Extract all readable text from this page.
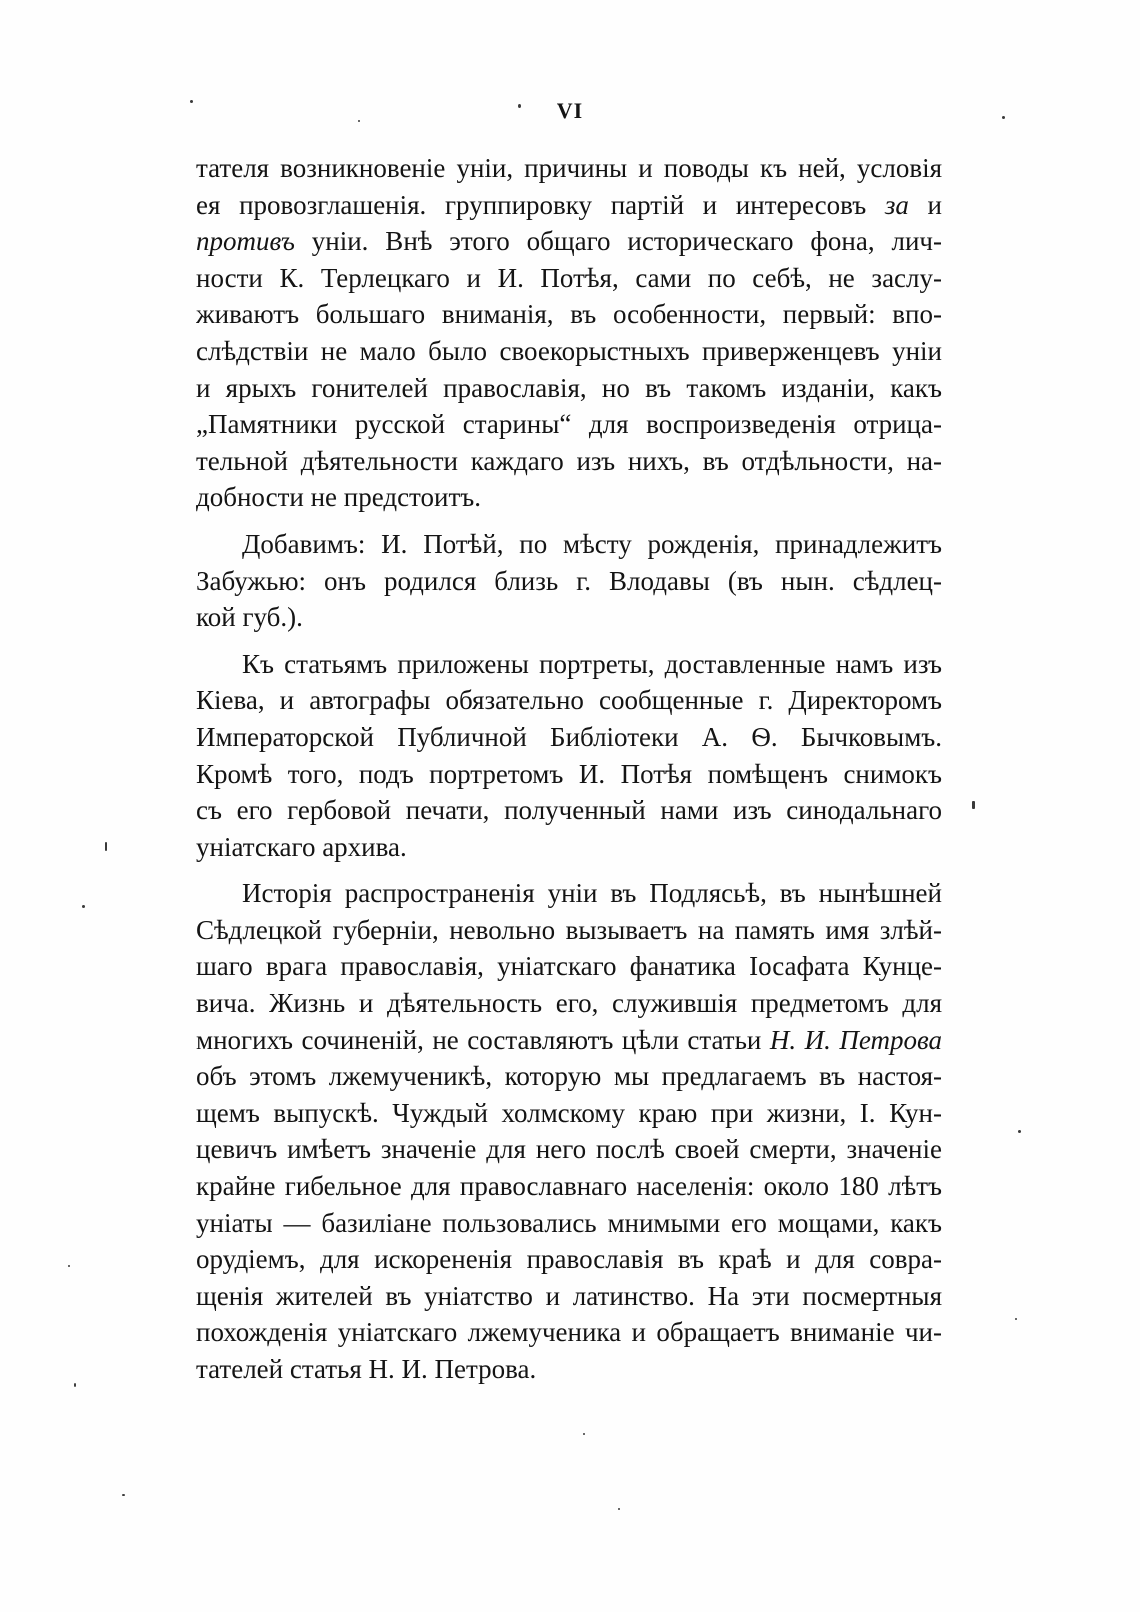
VI
тателя возникновеніе уніи, причины и поводы къ ней, условія
ея провозглашенія. группировку партій и интересовъ за и
противъ уніи. Внѣ этого общаго историческаго фона, лич-
ности К. Терлецкаго и И. Потѣя, сами по себѣ, не заслу-
живаютъ большаго вниманія, въ особенности, первый: впо-
слѣдствіи не мало было своекорыстныхъ приверженцевъ уніи
и ярыхъ гонителей православія, но въ такомъ изданіи, какъ
„Памятники русской старины“ для воспроизведенія отрица-
тельной дѣятельности каждаго изъ нихъ, въ отдѣльности, на-
добности не предстоитъ.
Добавимъ: И. Потѣй, по мѣсту рожденія, принадлежитъ
Забужью: онъ родился близь г. Влодавы (въ нын. сѣдлец-
кой губ.).
Къ статьямъ приложены портреты, доставленные намъ изъ
Кіева, и автографы обязательно сообщенные г. Директоромъ
Императорской Публичной Библіотеки А. Ѳ. Бычковымъ.
Кромѣ того, подъ портретомъ И. Потѣя помѣщенъ снимокъ
съ его гербовой печати, полученный нами изъ синодальнаго
уніатскаго архива.
Исторія распространенія уніи въ Подлясьѣ, въ нынѣшней
Сѣдлецкой губерніи, невольно вызываетъ на память имя злѣй-
шаго врага православія, уніатскаго фанатика Іосафата Кунце-
вича. Жизнь и дѣятельность его, служившія предметомъ для
многихъ сочиненій, не составляютъ цѣли статьи Н. И. Петрова
объ этомъ лжемученикѣ, которую мы предлагаемъ въ настоя-
щемъ выпускѣ. Чуждый холмскому краю при жизни, І. Кун-
цевичъ имѣетъ значеніе для него послѣ своей смерти, значеніе
крайне гибельное для православнаго населенія: около 180 лѣтъ
уніаты — базиліане пользовались мнимыми его мощами, какъ
орудіемъ, для искорененія православія въ краѣ и для совра-
щенія жителей въ уніатство и латинство. На эти посмертныя
похожденія уніатскаго лжемученика и обращаетъ вниманіе чи-
тателей статья Н. И. Петрова.
